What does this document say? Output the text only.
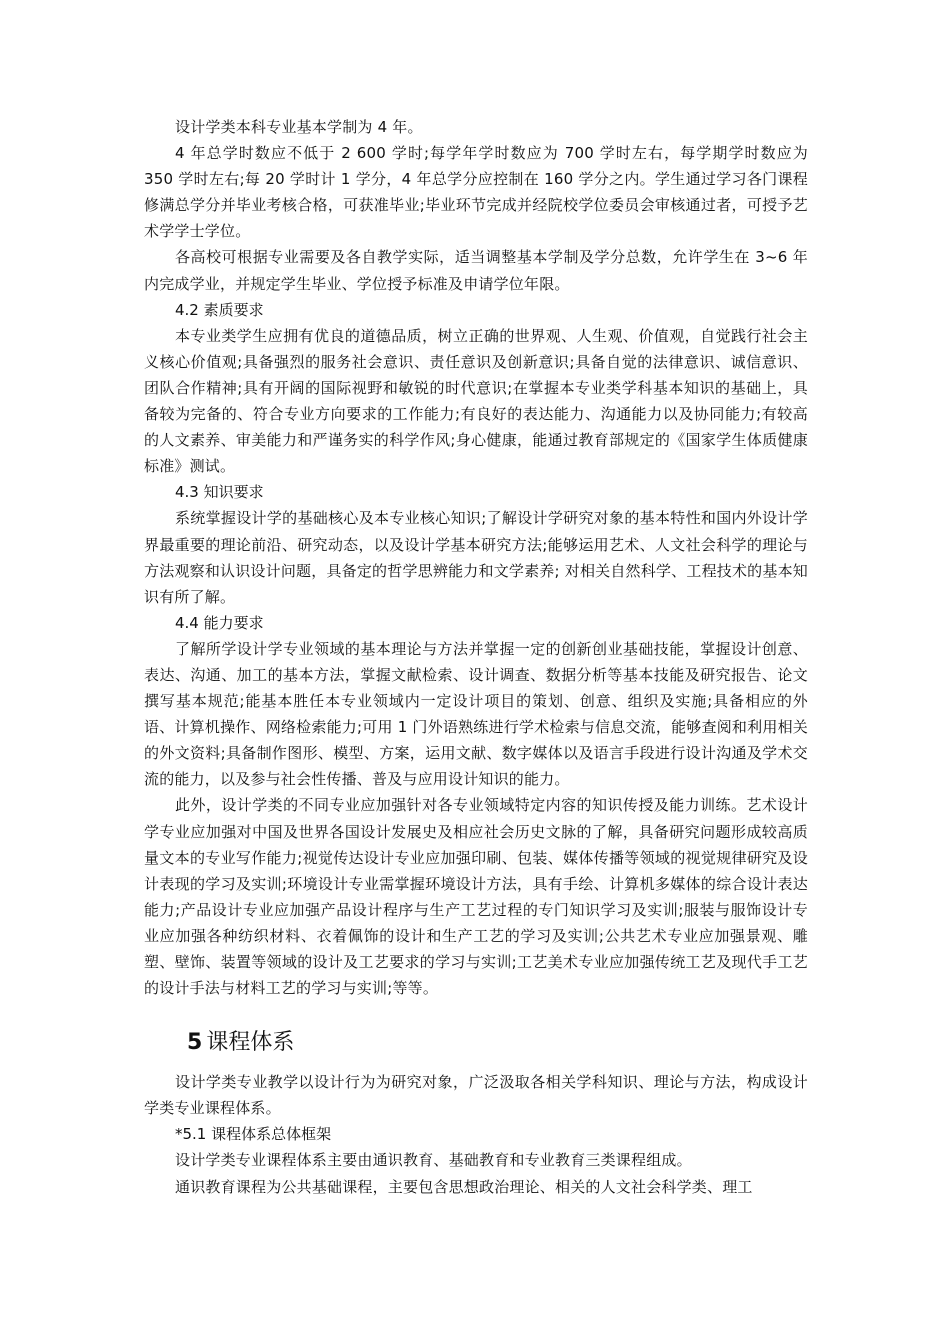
设计学类本科专业基本学制为 4 年。

4 年总学时数应不低于 2 600 学时;每学年学时数应为 700 学时左右，每学期学时数应为 350 学时左右;每 20 学时计 1 学分，4 年总学分应控制在 160 学分之内。学生通过学习各门课程修满总学分并毕业考核合格，可获准毕业;毕业环节完成并经院校学位委员会审核通过者，可授予艺术学学士学位。

各高校可根据专业需要及各自教学实际，适当调整基本学制及学分总数，允许学生在 3~6 年内完成学业，并规定学生毕业、学位授予标准及申请学位年限。

4.2 素质要求

本专业类学生应拥有优良的道德品质，树立正确的世界观、人生观、价值观，自觉践行社会主义核心价值观;具备强烈的服务社会意识、责任意识及创新意识;具备自觉的法律意识、诚信意识、团队合作精神;具有开阔的国际视野和敏锐的时代意识;在掌握本专业类学科基本知识的基础上，具备较为完备的、符合专业方向要求的工作能力;有良好的表达能力、沟通能力以及协同能力;有较高的人文素养、审美能力和严谨务实的科学作风;身心健康，能通过教育部规定的《国家学生体质健康标准》测试。

4.3 知识要求

系统掌握设计学的基础核心及本专业核心知识;了解设计学研究对象的基本特性和国内外设计学界最重要的理论前沿、研究动态，以及设计学基本研究方法;能够运用艺术、人文社会科学的理论与方法观察和认识设计问题，具备定的哲学思辨能力和文学素养; 对相关自然科学、工程技术的基本知识有所了解。

4.4 能力要求

了解所学设计学专业领域的基本理论与方法并掌握一定的创新创业基础技能，掌握设计创意、表达、沟通、加工的基本方法，掌握文献检索、设计调查、数据分析等基本技能及研究报告、论文撰写基本规范;能基本胜任本专业领域内一定设计项目的策划、创意、组织及实施;具备相应的外语、计算机操作、网络检索能力;可用 1 门外语熟练进行学术检索与信息交流，能够查阅和利用相关的外文资料;具备制作图形、模型、方案，运用文献、数字媒体以及语言手段进行设计沟通及学术交流的能力，以及参与社会性传播、普及与应用设计知识的能力。

此外，设计学类的不同专业应加强针对各专业领域特定内容的知识传授及能力训练。艺术设计学专业应加强对中国及世界各国设计发展史及相应社会历史文脉的了解，具备研究问题形成较高质量文本的专业写作能力;视觉传达设计专业应加强印刷、包装、媒体传播等领域的视觉规律研究及设计表现的学习及实训;环境设计专业需掌握环境设计方法，具有手绘、计算机多媒体的综合设计表达能力;产品设计专业应加强产品设计程序与生产工艺过程的专门知识学习及实训;服装与服饰设计专业应加强各种纺织材料、衣着佩饰的设计和生产工艺的学习及实训;公共艺术专业应加强景观、雕塑、壁饰、装置等领域的设计及工艺要求的学习与实训;工艺美术专业应加强传统工艺及现代手工艺的设计手法与材料工艺的学习与实训;等等。

5 课程体系

设计学类专业教学以设计行为为研究对象，广泛汲取各相关学科知识、理论与方法，构成设计学类专业课程体系。

*5.1 课程体系总体框架

设计学类专业课程体系主要由通识教育、基础教育和专业教育三类课程组成。

通识教育课程为公共基础课程，主要包含思想政治理论、相关的人文社会科学类、理工
